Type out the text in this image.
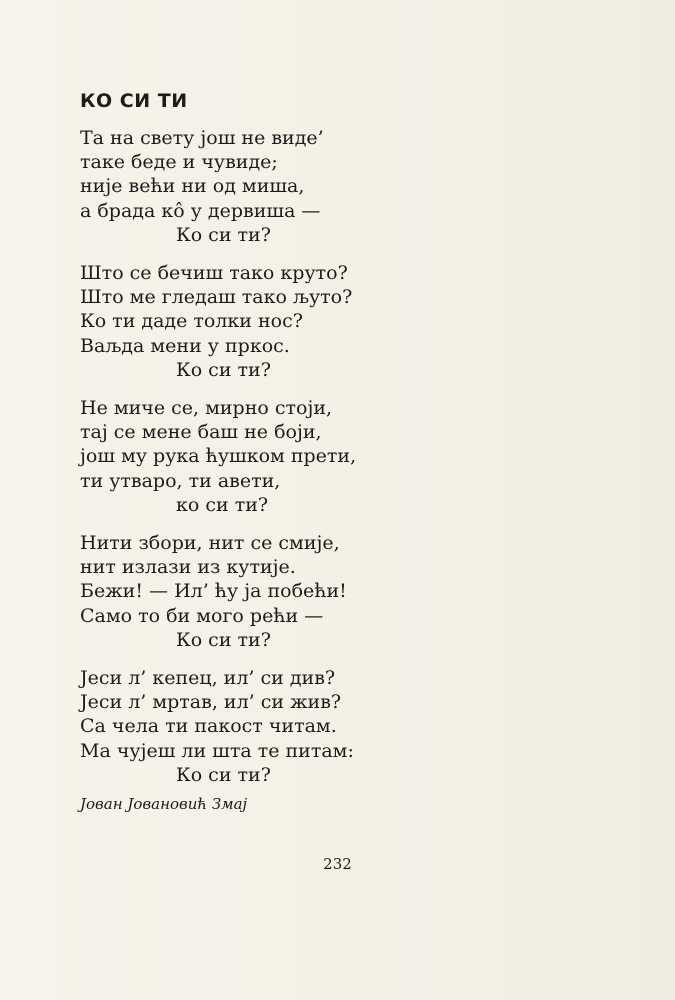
КО СИ ТИ
Та на свету још не виде’
таке беде и чувиде;
није већи ни од миша,
а брада кô у дервиша —
Ко си ти?
Што се бечиш тако круто?
Што ме гледаш тако љуто?
Ко ти даде толки нос?
Ваљда мени у пркос.
Ко си ти?
Не миче се, мирно стоји,
тај се мене баш не боји,
још му рука ћушком прети,
ти утваро, ти авети,
ко си ти?
Нити збори, нит се смије,
нит излази из кутије.
Бежи! — Ил’ ћу ја побећи!
Само то би мого рећи —
Ко си ти?
Јеси л’ кепец, ил’ си див?
Јеси л’ мртав, ил’ си жив?
Са чела ти пакост читам.
Ма чујеш ли шта те питам:
Ко си ти?
Јован Јовановић Змај
232
